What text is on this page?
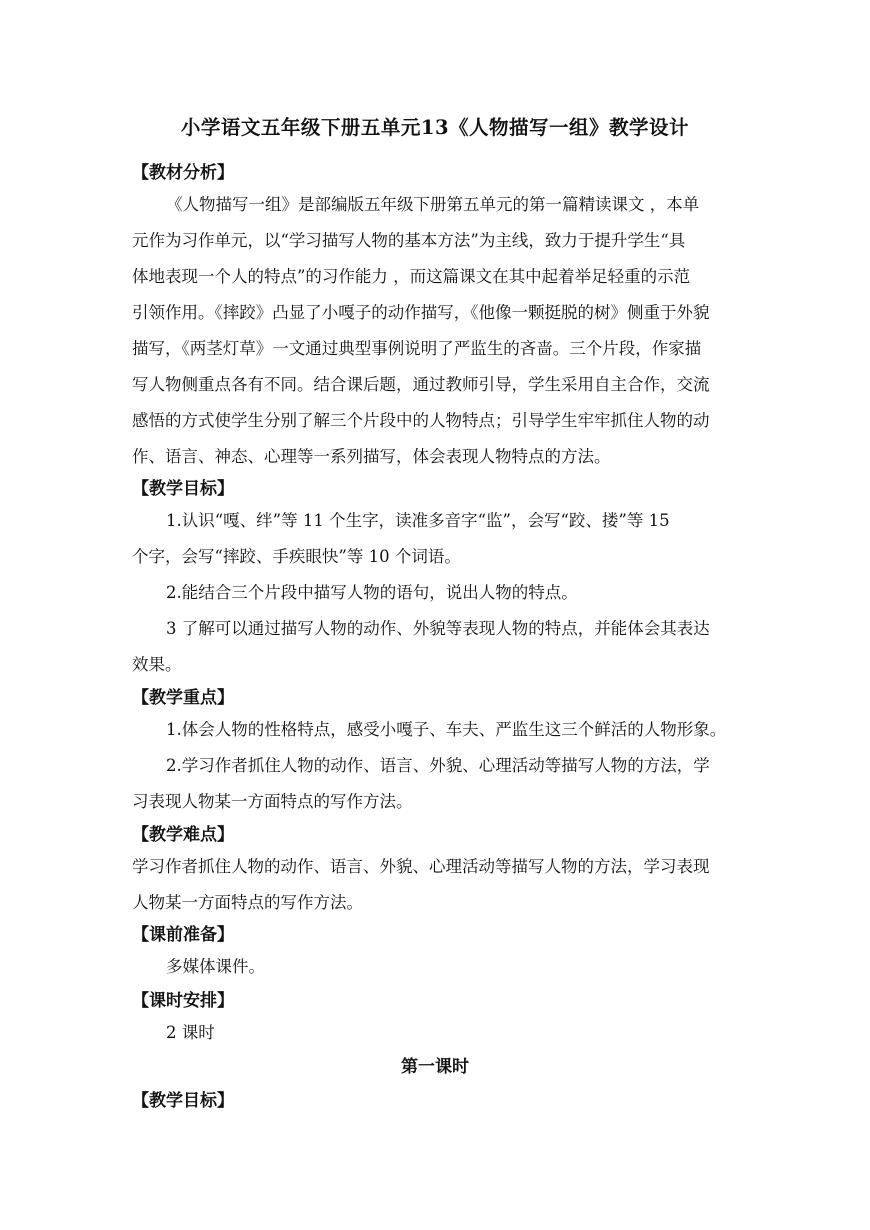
小学语文五年级下册五单元13《人物描写一组》教学设计
【教材分析】
《人物描写一组》是部编版五年级下册第五单元的第一篇精读课文 ，本单
元作为习作单元，以“学习描写人物的基本方法”为主线，致力于提升学生“具
体地表现一个人的特点”的习作能力 ，而这篇课文在其中起着举足轻重的示范
引领作用。《摔跤》凸显了小嘎子的动作描写，《他像一颗挺脱的树》侧重于外貌
描写，《两茎灯草》一文通过典型事例说明了严监生的吝啬。三个片段，作家描
写人物侧重点各有不同。结合课后题，通过教师引导，学生采用自主合作，交流
感悟的方式使学生分别了解三个片段中的人物特点；引导学生牢牢抓住人物的动
作、语言、神态、心理等一系列描写，体会表现人物特点的方法。
【教学目标】
1.认识“嘎、绊”等 11 个生字，读准多音字“监”，会写“跤、搂”等 15
个字，会写“摔跤、手疾眼快”等 10 个词语。
2.能结合三个片段中描写人物的语句，说出人物的特点。
3 了解可以通过描写人物的动作、外貌等表现人物的特点，并能体会其表达
效果。
【教学重点】
1.体会人物的性格特点，感受小嘎子、车夫、严监生这三个鲜活的人物形象。
2.学习作者抓住人物的动作、语言、外貌、心理活动等描写人物的方法，学
习表现人物某一方面特点的写作方法。
【教学难点】
学习作者抓住人物的动作、语言、外貌、心理活动等描写人物的方法，学习表现
人物某一方面特点的写作方法。
【课前准备】
多媒体课件。
【课时安排】
2 课时
第一课时
【教学目标】
